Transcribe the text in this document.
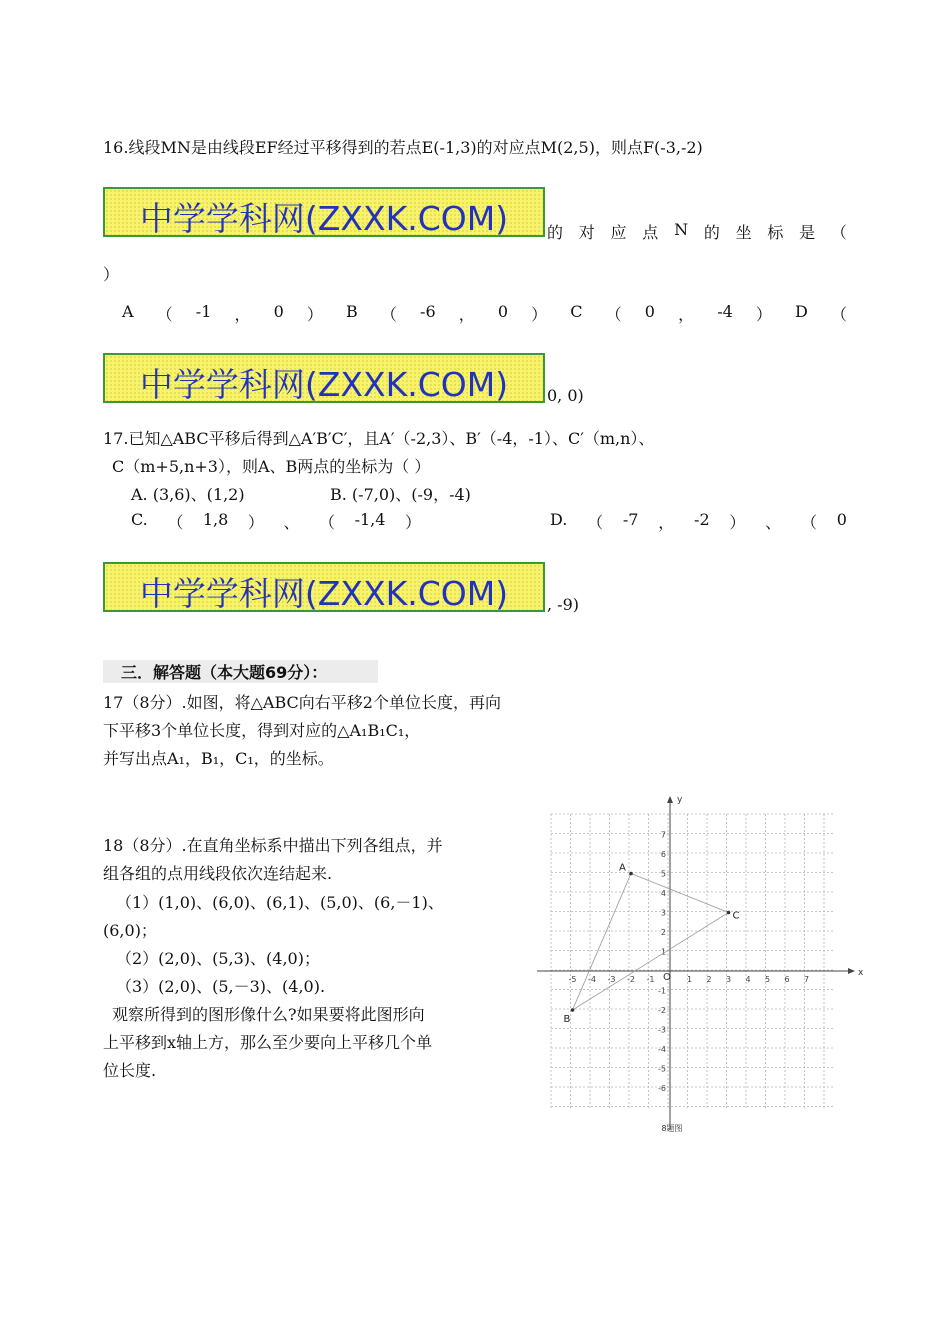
16.线段MN是由线段EF经过平移得到的若点E(-1,3)的对应点M(2,5)，则点F(-3,-2)
中学学科网(ZXXK.COM)	的 对 应 点 N 的 坐 标 是 （
）
A （ -1 ， 0 ） B （ -6 ， 0 ） C （ 0 ， -4 ） D （
中学学科网(ZXXK.COM)	0, 0)
17.已知△ABC平移后得到△A′B′C′，且A′（-2,3）、B′（-4，-1）、C′（m,n）、
C（m+5,n+3），则A、B两点的坐标为（ ）
A. (3,6)、(1,2)	B. (-7,0)、(-9，-4)
C. （ 1,8 ） 、 （ -1,4 ）	D. （ -7 ， -2 ） 、 （ 0
中学学科网(ZXXK.COM)	, -9)
三．解答题（本大题69分）：
17（8分）.如图，将△ABC向右平移2个单位长度，再向
下平移3个单位长度，得到对应的△A₁B₁C₁，
并写出点A₁，B₁，C₁，的坐标。
18（8分）.在直角坐标系中描出下列各组点，并
组各组的点用线段依次连结起来.
（1）(1,0)、(6,0)、(6,1)、(5,0)、(6,－1)、
(6,0)；
（2）(2,0)、(5,3)、(4,0)；
（3）(2,0)、(5,－3)、(4,0).
观察所得到的图形像什么?如果要将此图形向
上平移到x轴上方，那么至少要向上平移几个单
位长度.
x
y
O
-5 -4 -3 -2 -1	1 2 3 4 5 6 7
7
6
5
4
3
2
1
-1
-2
-3
-4
-5
-6
A
B
C
8题图
